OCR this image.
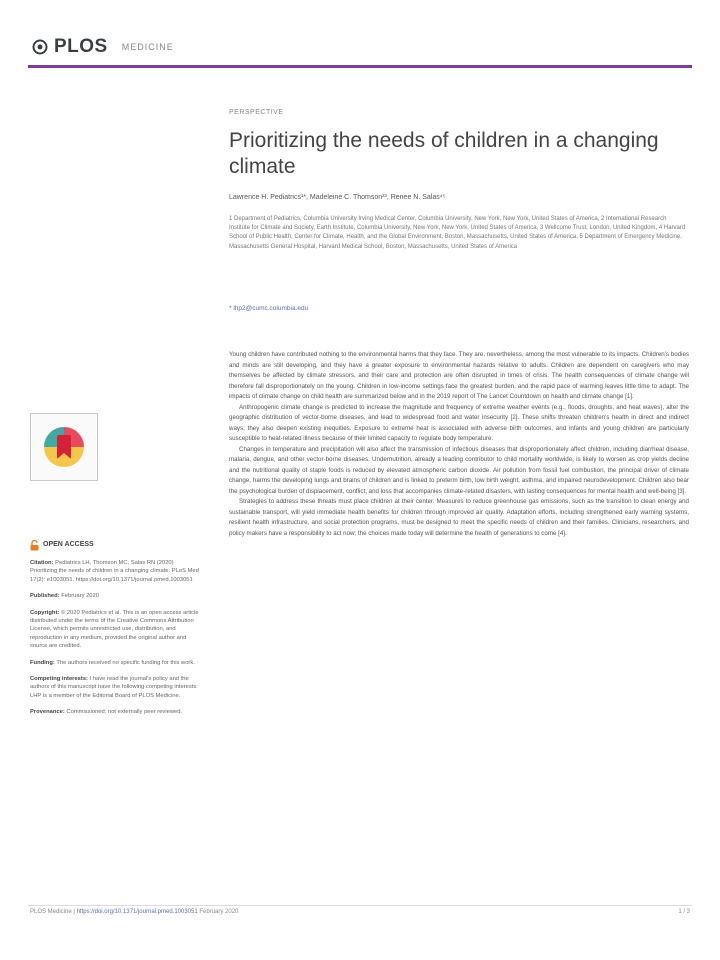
PLOS MEDICINE
PERSPECTIVE
Prioritizing the needs of children in a changing climate
Lawrence H. Pediatrics¹*, Madeleine C. Thomson²³, Renee N. Salas⁴⁵
1 Department of Pediatrics, Columbia University Irving Medical Center, Columbia University, New York, New York, United States of America, 2 International Research Institute for Climate and Society, Earth Institute, Columbia University, New York, New York, United States of America, 3 Wellcome Trust, London, United Kingdom, 4 Harvard School of Public Health, Center for Climate, Health, and the Global Environment, Boston, Massachusetts, United States of America, 5 Department of Emergency Medicine, Massachusetts General Hospital, Harvard Medical School, Boston, Massachusetts, United States of America
* lhp2@cumc.columbia.edu

Young children have contributed nothing to the environmental harms that they face. They are, nevertheless, among the most vulnerable to its impacts. Children's bodies and minds are still developing, and they have a greater exposure to environmental hazards relative to adults. Children are dependent on caregivers who may themselves be affected by climate stressors, and their care and protection are often disrupted in times of crisis. The health consequences of climate change will therefore fall disproportionately on the young. Children in low-income settings face the greatest burden, and the rapid pace of warming leaves little time to adapt. The impacts of climate change on child health are summarized below and in the 2019 report of The Lancet Countdown on health and climate change [1].

Anthropogenic climate change is predicted to increase the magnitude and frequency of extreme weather events (e.g., floods, droughts, and heat waves), alter the geographic distribution of vector-borne diseases, and lead to widespread food and water insecurity [2]. These shifts threaten children's health in direct and indirect ways; they also deepen existing inequities. Exposure to extreme heat is associated with adverse birth outcomes, and infants and young children are particularly susceptible to heat-related illness because of their limited capacity to regulate body temperature.

Changes in temperature and precipitation will also affect the transmission of infectious diseases that disproportionately affect children, including diarrheal disease, malaria, dengue, and other vector-borne diseases. Undernutrition, already a leading contributor to child mortality worldwide, is likely to worsen as crop yields decline and the nutritional quality of staple foods is reduced by elevated atmospheric carbon dioxide. Air pollution from fossil fuel combustion, the principal driver of climate change, harms the developing lungs and brains of children and is linked to preterm birth, low birth weight, asthma, and impaired neurodevelopment. Children also bear the psychological burden of displacement, conflict, and loss that accompanies climate-related disasters, with lasting consequences for mental health and well-being [3].

Strategies to address these threats must place children at their center. Measures to reduce greenhouse gas emissions, such as the transition to clean energy and sustainable transport, will yield immediate health benefits for children through improved air quality. Adaptation efforts, including strengthened early warning systems, resilient health infrastructure, and social protection programs, must be designed to meet the specific needs of children and their families. Clinicians, researchers, and policy makers have a responsibility to act now; the choices made today will determine the health of generations to come [4].

OPEN ACCESS
Citation: Pediatrics LH, Thomson MC, Salas RN (2020) Prioritizing the needs of children in a changing climate. PLoS Med 17(2): e1003051. https://doi.org/10.1371/journal.pmed.1003051
Published: February 2020
Copyright: © 2020 Pediatrics et al. This is an open access article distributed under the terms of the Creative Commons Attribution License, which permits unrestricted use, distribution, and reproduction in any medium, provided the original author and source are credited.
Funding: The authors received no specific funding for this work.
Competing interests: I have read the journal's policy and the authors of this manuscript have the following competing interests: LHP is a member of the Editorial Board of PLOS Medicine.
Provenance: Commissioned; not externally peer reviewed.
PLOS Medicine | https://doi.org/10.1371/journal.pmed.1003051 February 2020	1 / 3
